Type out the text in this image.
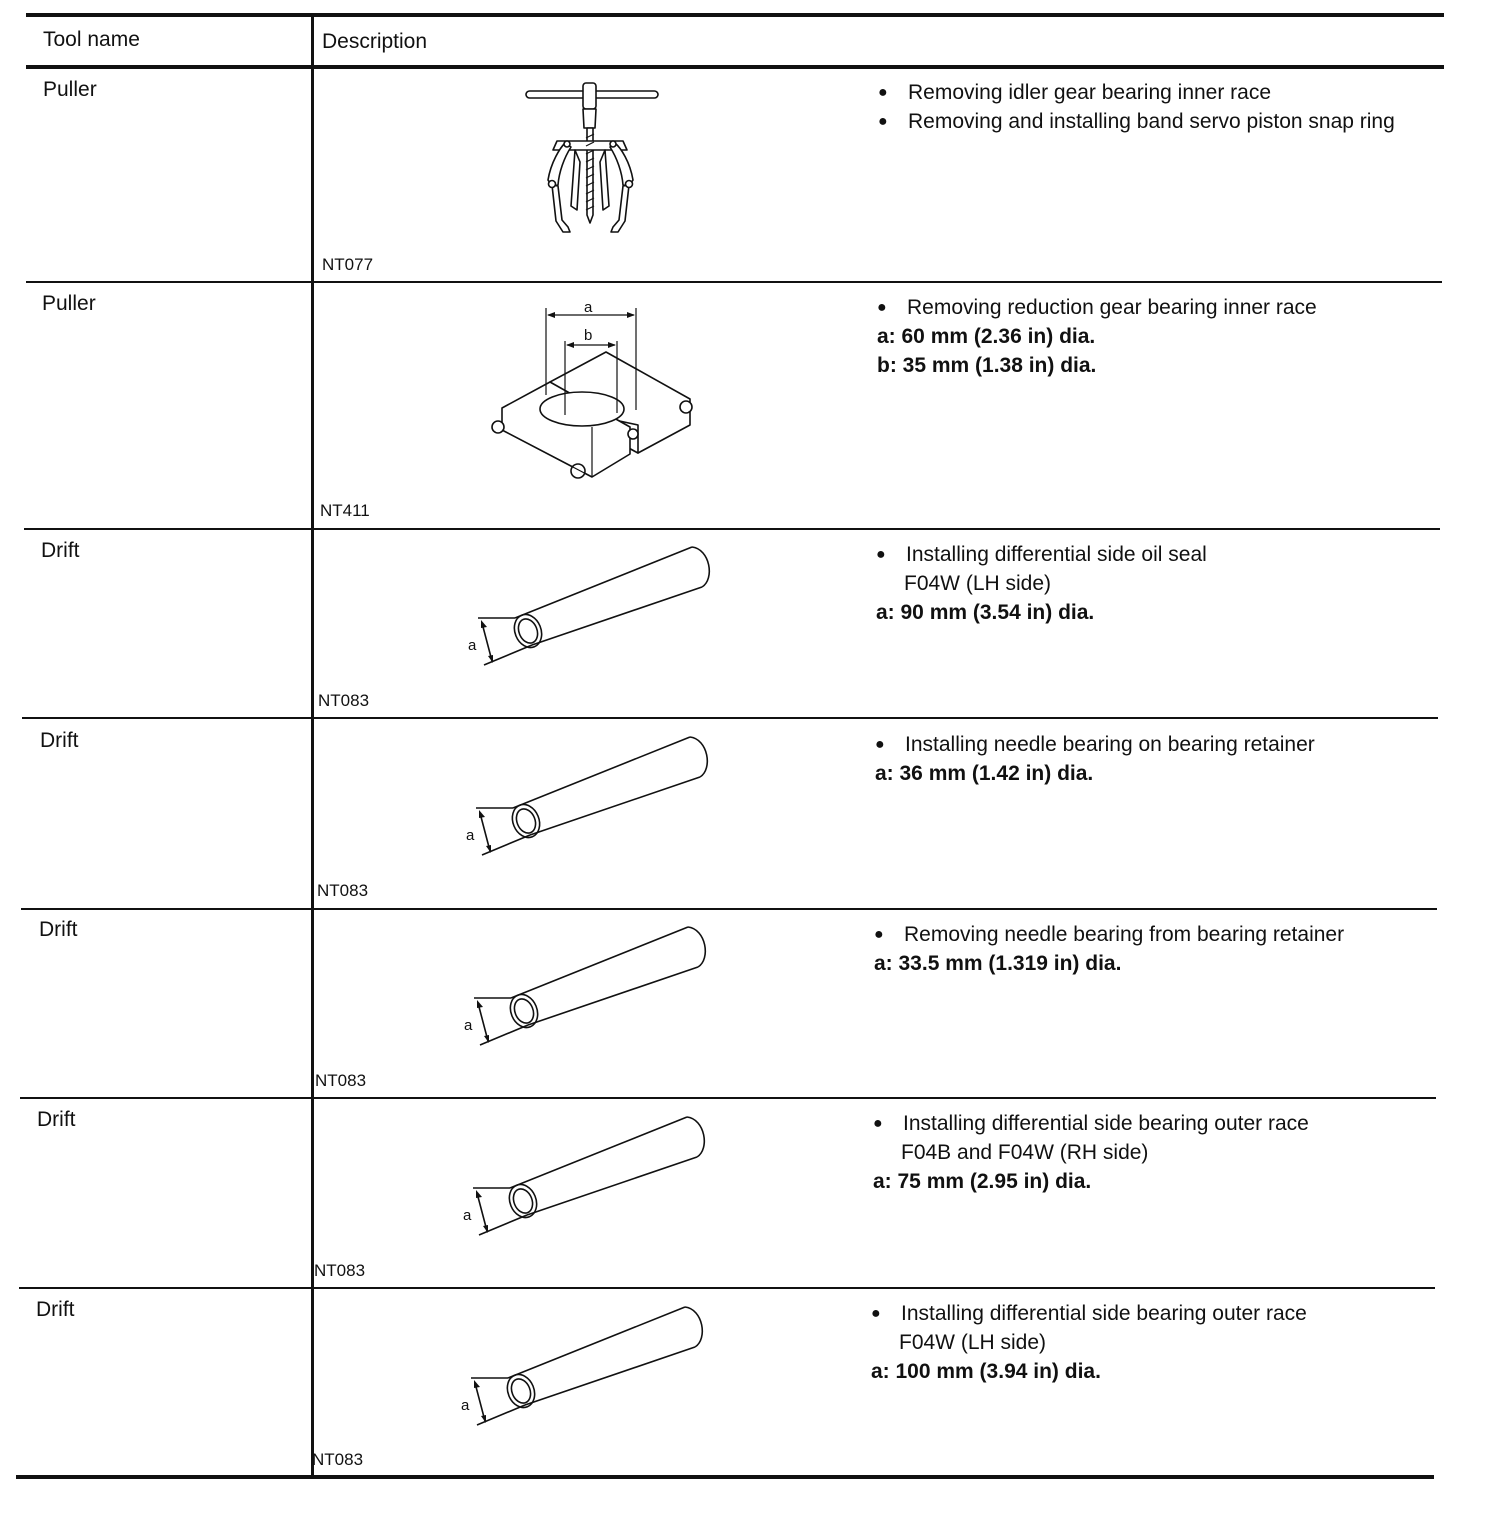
Tool name	Description
Puller
NT077
● Removing idler gear bearing inner race
● Removing and installing band servo piston snap ring
Puller	a
b
NT411
● Removing reduction gear bearing inner race
a: 60 mm (2.36 in) dia.
b: 35 mm (1.38 in) dia.
Drift
a
NT083
● Installing differential side oil seal
F04W (LH side)
a: 90 mm (3.54 in) dia.
Drift
a
NT083
● Installing needle bearing on bearing retainer
a: 36 mm (1.42 in) dia.
Drift
a
NT083
● Removing needle bearing from bearing retainer
a: 33.5 mm (1.319 in) dia.
Drift
a
NT083
● Installing differential side bearing outer race
F04B and F04W (RH side)
a: 75 mm (2.95 in) dia.
Drift
a
NT083
● Installing differential side bearing outer race
F04W (LH side)
a: 100 mm (3.94 in) dia.
